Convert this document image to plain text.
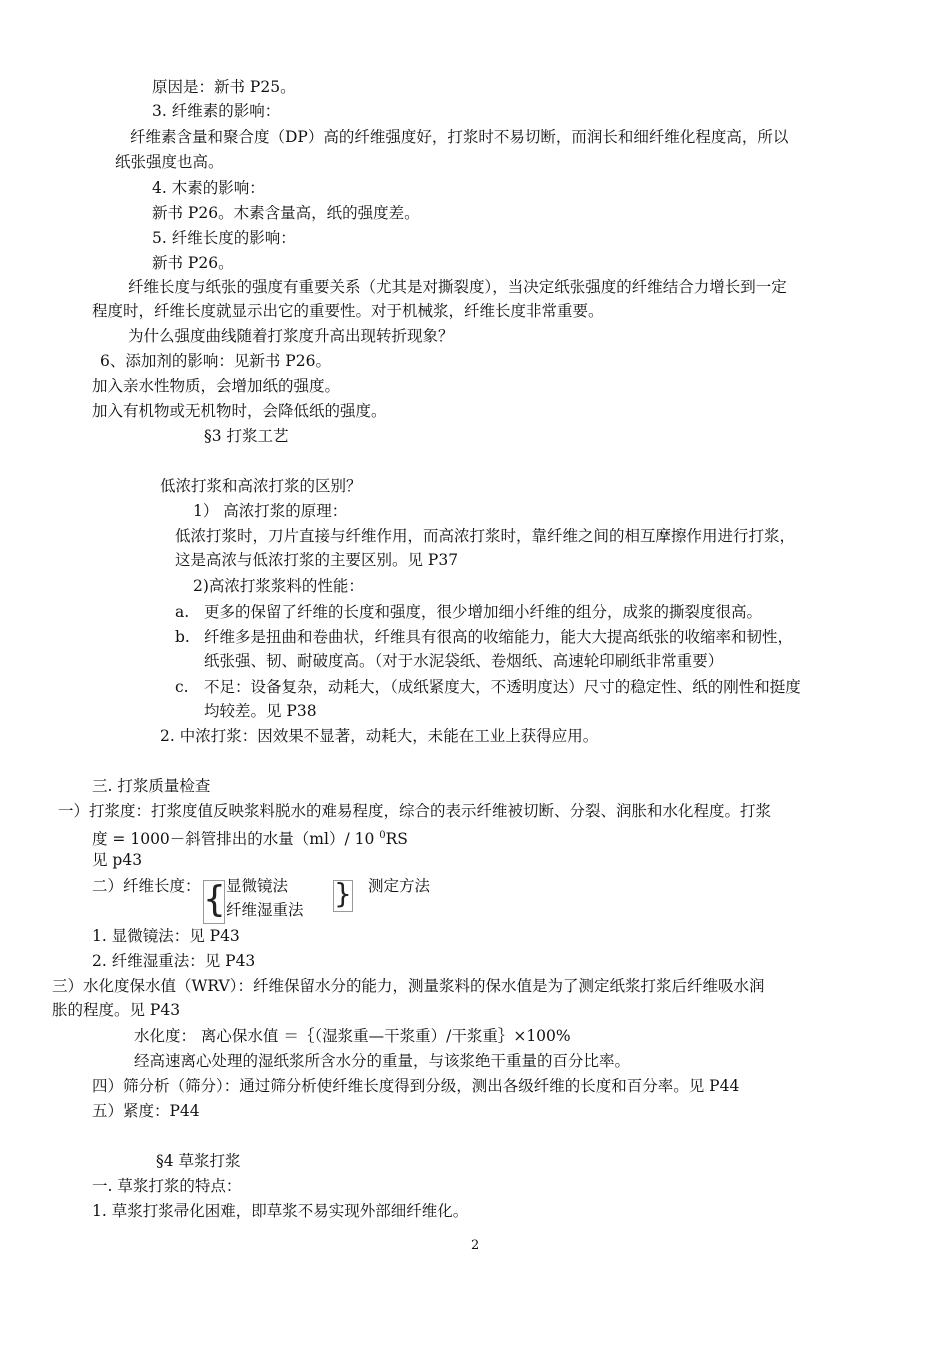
原因是：新书 P25。
3. 纤维素的影响：
纤维素含量和聚合度（DP）高的纤维强度好，打浆时不易切断，而润长和细纤维化程度高，所以
纸张强度也高。
4. 木素的影响：
新书 P26。木素含量高，纸的强度差。
5. 纤维长度的影响：
新书 P26。
纤维长度与纸张的强度有重要关系（尤其是对撕裂度），当决定纸张强度的纤维结合力增长到一定
程度时，纤维长度就显示出它的重要性。对于机械浆，纤维长度非常重要。
为什么强度曲线随着打浆度升高出现转折现象？
6、添加剂的影响：见新书 P26。
加入亲水性物质，会增加纸的强度。
加入有机物或无机物时，会降低纸的强度。
§3 打浆工艺
低浓打浆和高浓打浆的区别？
1） 高浓打浆的原理：
低浓打浆时，刀片直接与纤维作用，而高浓打浆时，靠纤维之间的相互摩擦作用进行打浆，
这是高浓与低浓打浆的主要区别。见 P37
2)高浓打浆浆料的性能：
a. 更多的保留了纤维的长度和强度，很少增加细小纤维的组分，成浆的撕裂度很高。
b. 纤维多是扭曲和卷曲状，纤维具有很高的收缩能力，能大大提高纸张的收缩率和韧性，
纸张强、韧、耐破度高。（对于水泥袋纸、卷烟纸、高速轮印刷纸非常重要）
c. 不足：设备复杂，动耗大，（成纸紧度大，不透明度达）尺寸的稳定性、纸的刚性和挺度
均较差。见 P38
2. 中浓打浆：因效果不显著，动耗大，未能在工业上获得应用。
三. 打浆质量检查
一）打浆度：打浆度值反映浆料脱水的难易程度，综合的表示纤维被切断、分裂、润胀和水化程度。打浆
度 = 1000－斜管排出的水量（ml）/ 10 $^0$RS
见 p43
二）纤维长度： { 显微镜法
纤维湿重法 } 测定方法
1. 显微镜法：见 P43
2. 纤维湿重法：见 P43
三）水化度保水值（WRV）：纤维保留水分的能力，测量浆料的保水值是为了测定纸浆打浆后纤维吸水润
胀的程度。见 P43
水化度： 离心保水值 ＝｛（湿浆重—干浆重）/干浆重｝×100%
经高速离心处理的湿纸浆所含水分的重量，与该浆绝干重量的百分比率。
四）筛分析（筛分）：通过筛分析使纤维长度得到分级，测出各级纤维的长度和百分率。见 P44
五）紧度：P44
§4 草浆打浆
一. 草浆打浆的特点：
1. 草浆打浆帚化困难，即草浆不易实现外部细纤维化。
2
